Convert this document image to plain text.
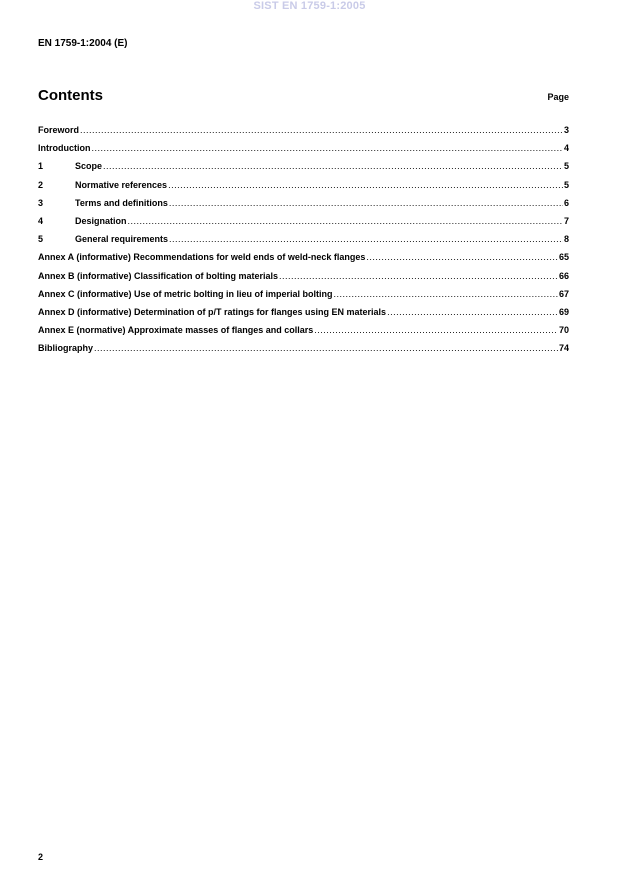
SIST EN 1759-1:2005
EN 1759-1:2004 (E)
Contents	Page
Foreword .....	3
Introduction .....	4
1	Scope .....	5
2	Normative references .....	5
3	Terms and definitions .....	6
4	Designation .....	7
5	General requirements .....	8
Annex A (informative) Recommendations for weld ends of weld-neck flanges .....	65
Annex B (informative) Classification of bolting materials .....	66
Annex C (informative) Use of metric bolting in lieu of imperial bolting .....	67
Annex D (informative) Determination of p/T ratings for flanges using EN materials .....	69
Annex E (normative) Approximate masses of flanges and collars .....	70
Bibliography .....	74
2
